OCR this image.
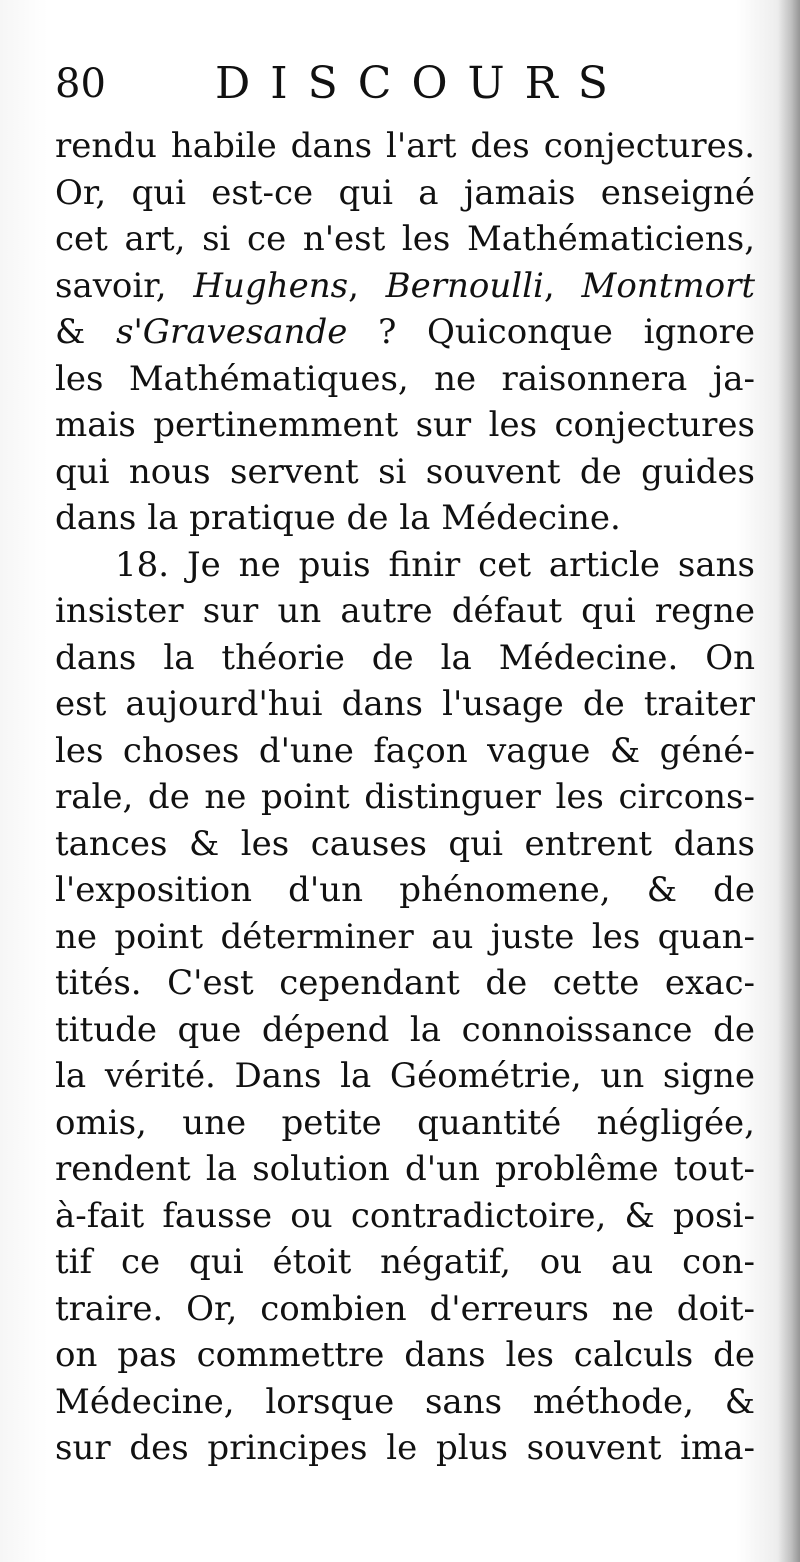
80 DISCOURS
rendu habile dans l'art des conjectures.
Or, qui est-ce qui a jamais enseigné
cet art, si ce n'est les Mathématiciens,
savoir, Hughens, Bernoulli, Montmort
& s'Gravesande ? Quiconque ignore
les Mathématiques, ne raisonnera ja-
mais pertinemment sur les conjectures
qui nous servent si souvent de guides
dans la pratique de la Médecine.
18. Je ne puis finir cet article sans
insister sur un autre défaut qui regne
dans la théorie de la Médecine. On
est aujourd'hui dans l'usage de traiter
les choses d'une façon vague & géné-
rale, de ne point distinguer les circons-
tances & les causes qui entrent dans
l'exposition d'un phénomene, & de
ne point déterminer au juste les quan-
tités. C'est cependant de cette exac-
titude que dépend la connoissance de
la vérité. Dans la Géométrie, un signe
omis, une petite quantité négligée,
rendent la solution d'un problême tout-
à-fait fausse ou contradictoire, & posi-
tif ce qui étoit négatif, ou au con-
traire. Or, combien d'erreurs ne doit-
on pas commettre dans les calculs de
Médecine, lorsque sans méthode, &
sur des principes le plus souvent ima-
